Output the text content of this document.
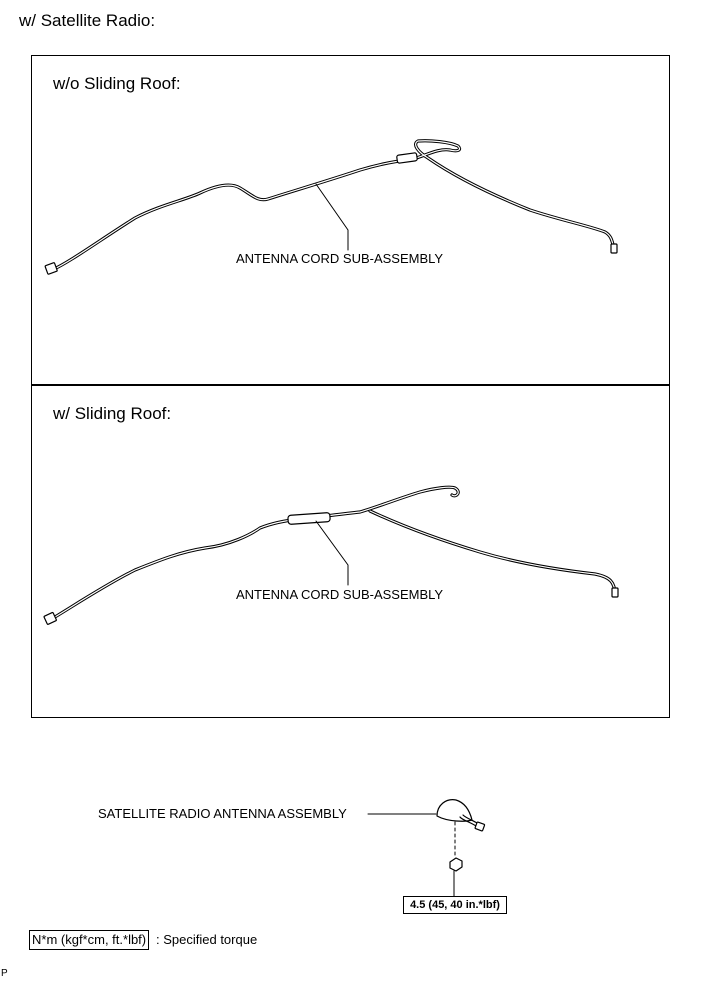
w/ Satellite Radio:
w/o Sliding Roof:
w/ Sliding Roof:
ANTENNA CORD SUB-ASSEMBLY
ANTENNA CORD SUB-ASSEMBLY
SATELLITE RADIO ANTENNA ASSEMBLY
4.5 (45, 40 in.*lbf)
N*m (kgf*cm, ft.*lbf) : Specified torque
P
